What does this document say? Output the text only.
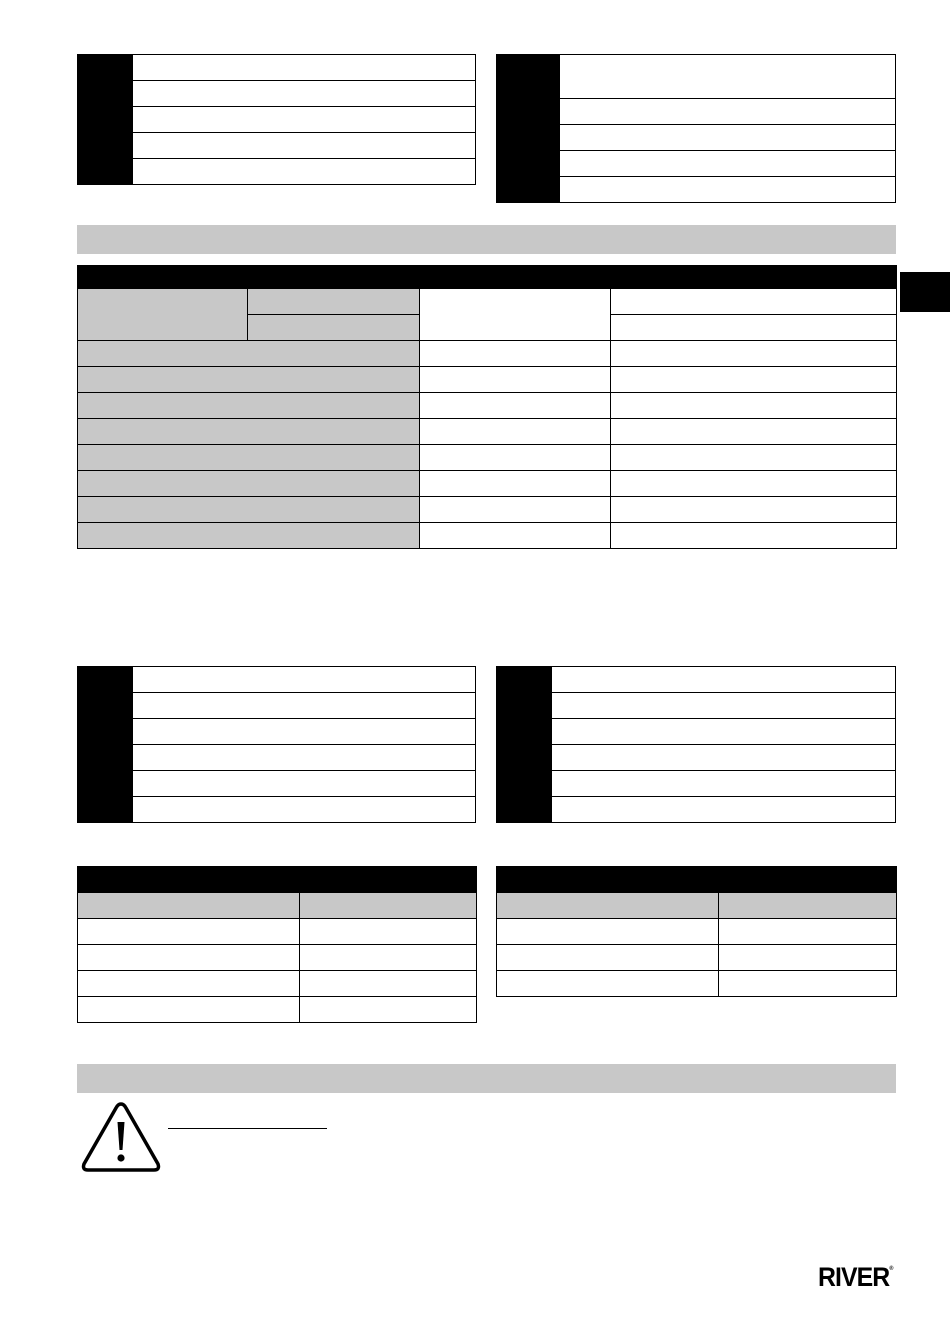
RIVER®
